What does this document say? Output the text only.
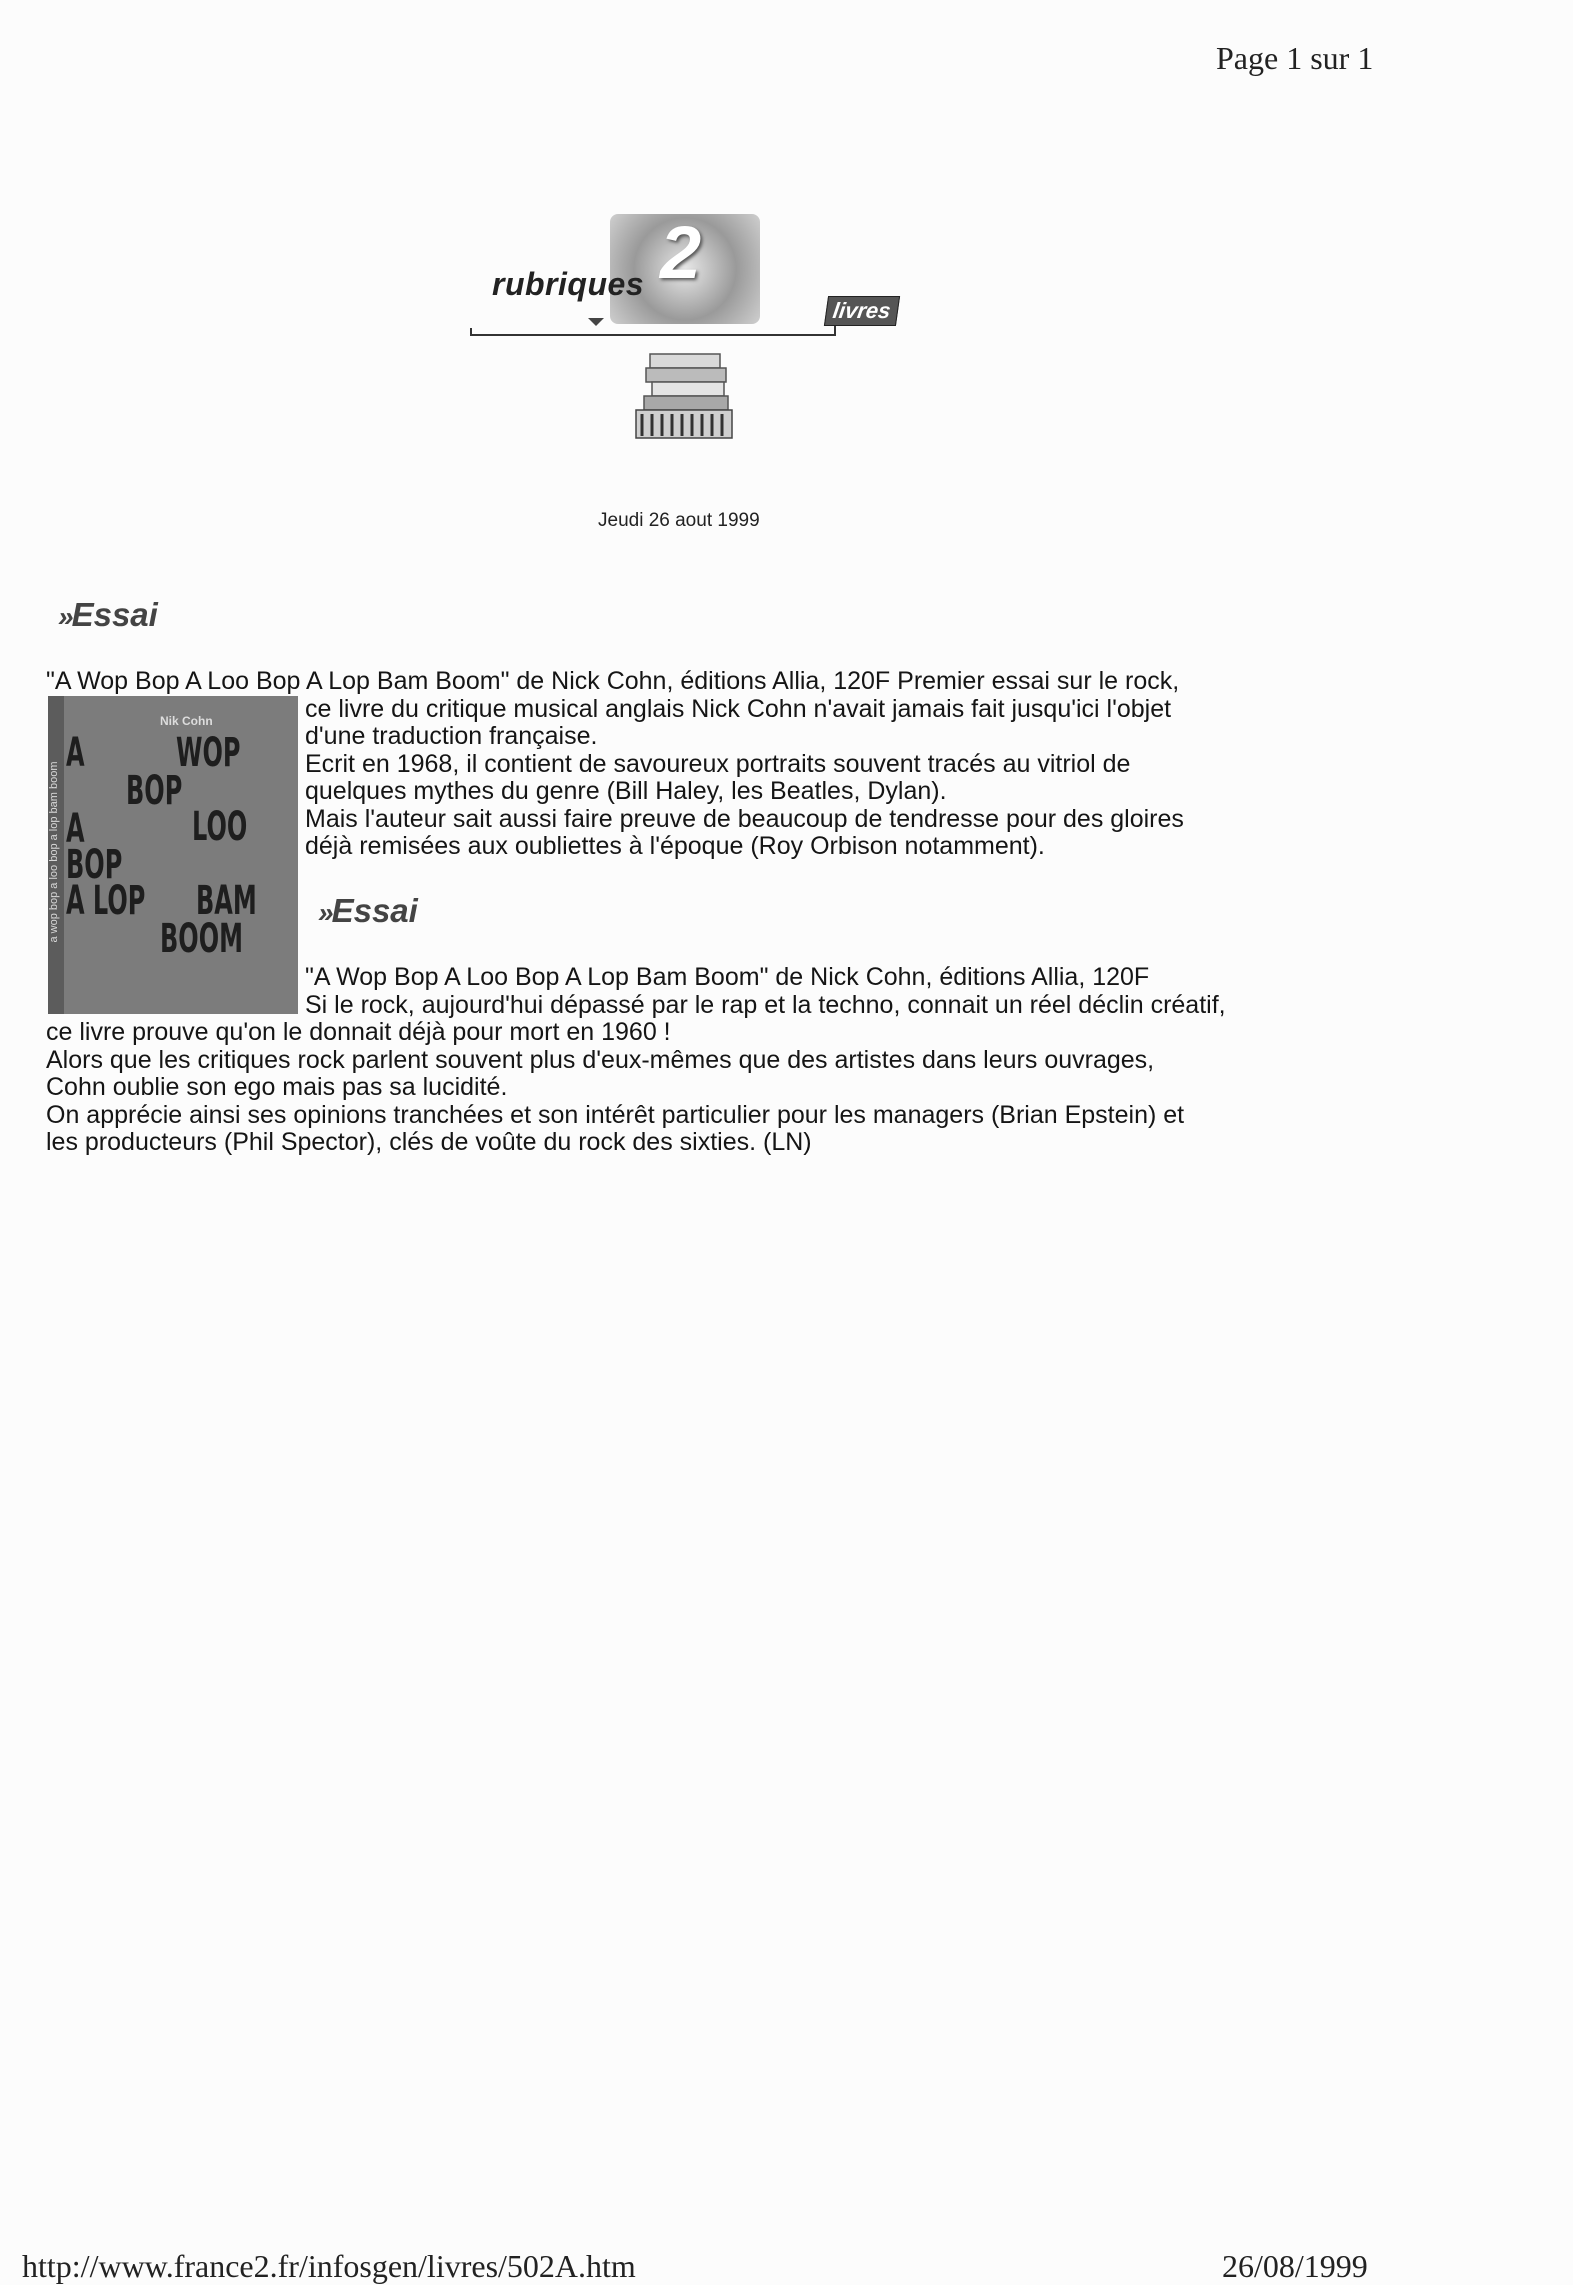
Page 1 sur 1
2
rubriques
livres
Jeudi 26 aout 1999
»Essai
"A Wop Bop A Loo Bop A Lop Bam Boom" de Nick Cohn, éditions Allia, 120F Premier essai sur le rock,
ce livre du critique musical anglais Nick Cohn n'avait jamais fait jusqu'ici l'objet
d'une traduction française.
Ecrit en 1968, il contient de savoureux portraits souvent tracés au vitriol de
quelques mythes du genre (Bill Haley, les Beatles, Dylan).
Mais l'auteur sait aussi faire preuve de beaucoup de tendresse pour des gloires
déjà remisées aux oubliettes à l'époque (Roy Orbison notamment).
a wop bop a loo bop a lop bam boom
Nik Cohn
A WOP
BOP
A	LOO
BOP
A LOP BAM
BOOM
»Essai
"A Wop Bop A Loo Bop A Lop Bam Boom" de Nick Cohn, éditions Allia, 120F
Si le rock, aujourd'hui dépassé par le rap et la techno, connait un réel déclin créatif,
ce livre prouve qu'on le donnait déjà pour mort en 1960 !
Alors que les critiques rock parlent souvent plus d'eux-mêmes que des artistes dans leurs ouvrages,
Cohn oublie son ego mais pas sa lucidité.
On apprécie ainsi ses opinions tranchées et son intérêt particulier pour les managers (Brian Epstein) et
les producteurs (Phil Spector), clés de voûte du rock des sixties. (LN)
http://www.france2.fr/infosgen/livres/502A.htm	26/08/1999
